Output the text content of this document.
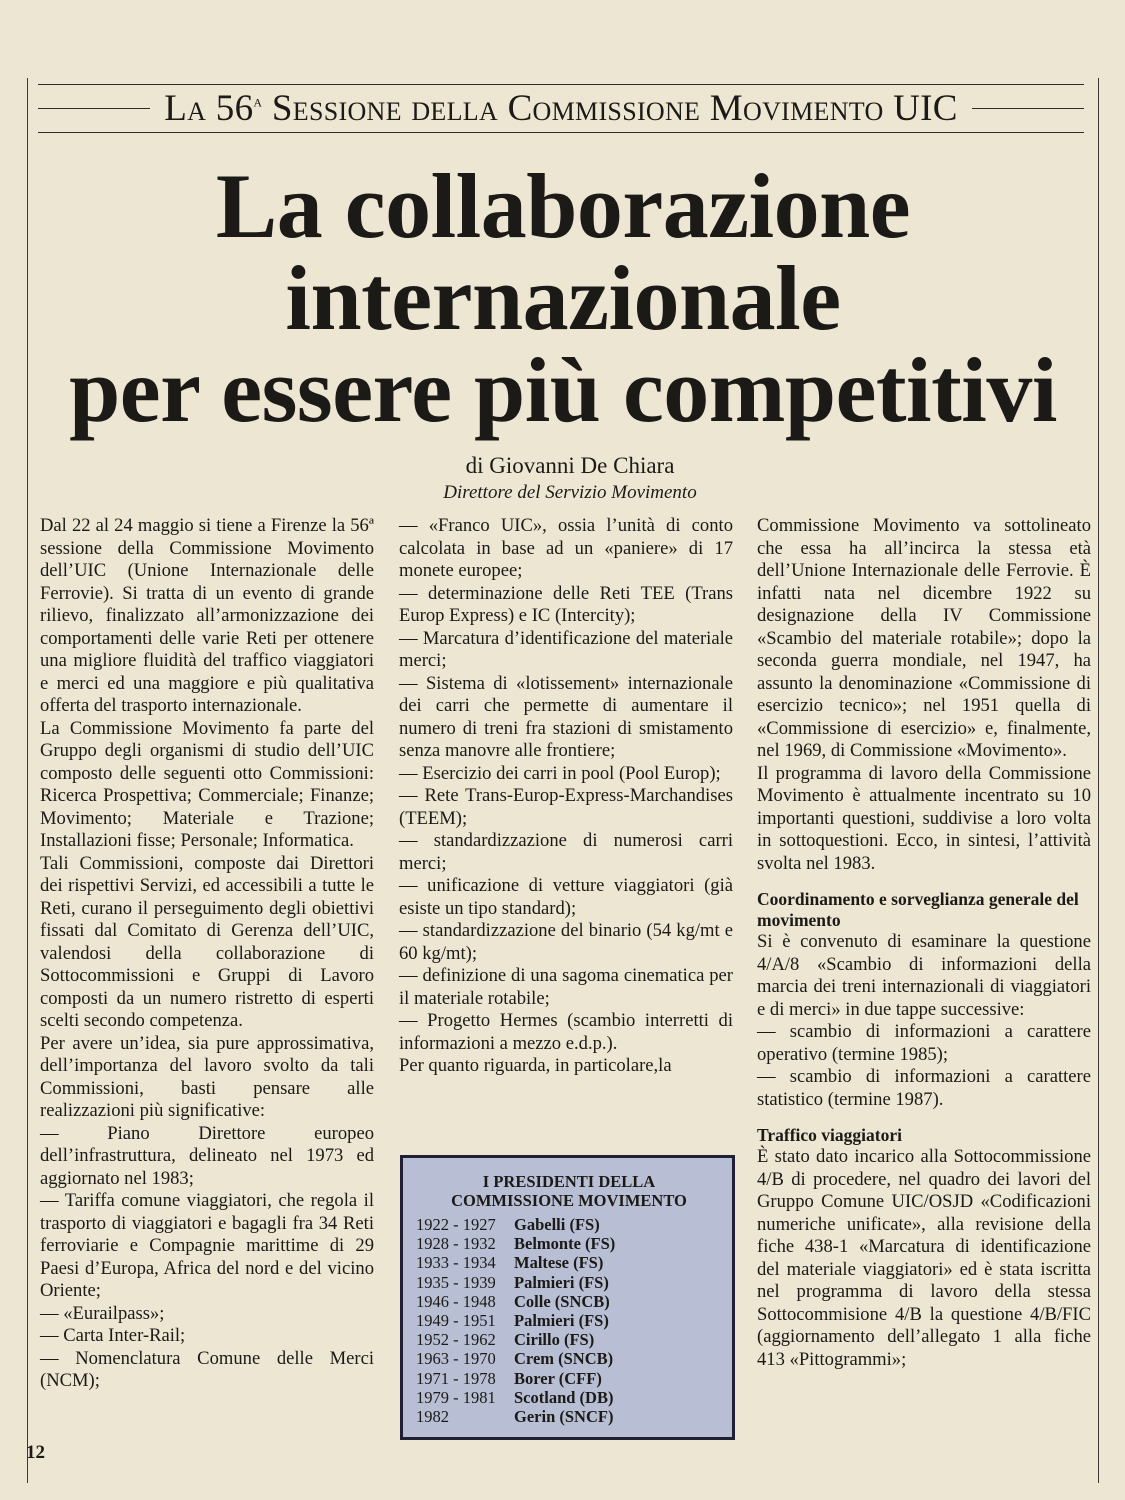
La 56$^a$ Sessione della Commissione Movimento UIC
La collaborazione
internazionale
per essere più competitivi
di Giovanni De Chiara
Direttore del Servizio Movimento

Dal 22 al 24 maggio si tiene a Firenze la 56ª sessione della Commissione Movimento dell’UIC (Unione Internazionale delle Ferrovie). Si tratta di un evento di grande rilievo, finalizzato all’armonizzazione dei comportamenti delle varie Reti per ottenere una migliore fluidità del traffico viaggiatori e merci ed una maggiore e più qualitativa offerta del trasporto internazionale.

La Commissione Movimento fa parte del Gruppo degli organismi di studio dell’UIC composto delle seguenti otto Commissioni: Ricerca Prospettiva; Commerciale; Finanze; Movimento; Materiale e Trazione; Installazioni fisse; Personale; Informatica.

Tali Commissioni, composte dai Direttori dei rispettivi Servizi, ed accessibili a tutte le Reti, curano il perseguimento degli obiettivi fissati dal Comitato di Gerenza dell’UIC, valendosi della collaborazione di Sottocommissioni e Gruppi di Lavoro composti da un numero ristretto di esperti scelti secondo competenza.

Per avere un’idea, sia pure approssimativa, dell’importanza del lavoro svolto da tali Commissioni, basti pensare alle realizzazioni più significative:

— Piano Direttore europeo dell’infrastruttura, delineato nel 1973 ed aggiornato nel 1983;

— Tariffa comune viaggiatori, che regola il trasporto di viaggiatori e bagagli fra 34 Reti ferroviarie e Compagnie marittime di 29 Paesi d’Europa, Africa del nord e del vicino Oriente;

— «Eurailpass»;

— Carta Inter-Rail;

— Nomenclatura Comune delle Merci (NCM);

— «Franco UIC», ossia l’unità di conto calcolata in base ad un «paniere» di 17 monete europee;

— determinazione delle Reti TEE (Trans Europ Express) e IC (Intercity);

— Marcatura d’identificazione del materiale merci;

— Sistema di «lotissement» internazionale dei carri che permette di aumentare il numero di treni fra stazioni di smistamento senza manovre alle frontiere;

— Esercizio dei carri in pool (Pool Europ);

— Rete Trans-Europ-Express-Marchandises (TEEM);

— standardizzazione di numerosi carri merci;

— unificazione di vetture viaggiatori (già esiste un tipo standard);

— standardizzazione del binario (54 kg/mt e 60 kg/mt);

— definizione di una sagoma cinematica per il materiale rotabile;

— Progetto Hermes (scambio interretti di informazioni a mezzo e.d.p.).

Per quanto riguarda, in particolare,la

I PRESIDENTI DELLA
COMMISSIONE MOVIMENTO
1922 - 1927	Gabelli (FS)
1928 - 1932	Belmonte (FS)
1933 - 1934	Maltese (FS)
1935 - 1939	Palmieri (FS)
1946 - 1948	Colle (SNCB)
1949 - 1951	Palmieri (FS)
1952 - 1962	Cirillo (FS)
1963 - 1970	Crem (SNCB)
1971 - 1978	Borer (CFF)
1979 - 1981	Scotland (DB)
1982	Gerin (SNCF)

Commissione Movimento va sottolineato che essa ha all’incirca la stessa età dell’Unione Internazionale delle Ferrovie. È infatti nata nel dicembre 1922 su designazione della IV Commissione «Scambio del materiale rotabile»; dopo la seconda guerra mondiale, nel 1947, ha assunto la denominazione «Commissione di esercizio tecnico»; nel 1951 quella di «Commissione di esercizio» e, finalmente, nel 1969, di Commissione «Movimento».

Il programma di lavoro della Commissione Movimento è attualmente incentrato su 10 importanti questioni, suddivise a loro volta in sottoquestioni. Ecco, in sintesi, l’attività svolta nel 1983.

Coordinamento e sorveglianza generale del movimento

Si è convenuto di esaminare la questione 4/A/8 «Scambio di informazioni della marcia dei treni internazionali di viaggiatori e di merci» in due tappe successive:

— scambio di informazioni a carattere operativo (termine 1985);

— scambio di informazioni a carattere statistico (termine 1987).

Traffico viaggiatori

È stato dato incarico alla Sottocommissione 4/B di procedere, nel quadro dei lavori del Gruppo Comune UIC/OSJD «Codificazioni numeriche unificate», alla revisione della fiche 438-1 «Marcatura di identificazione del materiale viaggiatori» ed è stata iscritta nel programma di lavoro della stessa Sottocommisione 4/B la questione 4/B/FIC (aggiornamento dell’allegato 1 alla fiche 413 «Pittogrammi»;

12
